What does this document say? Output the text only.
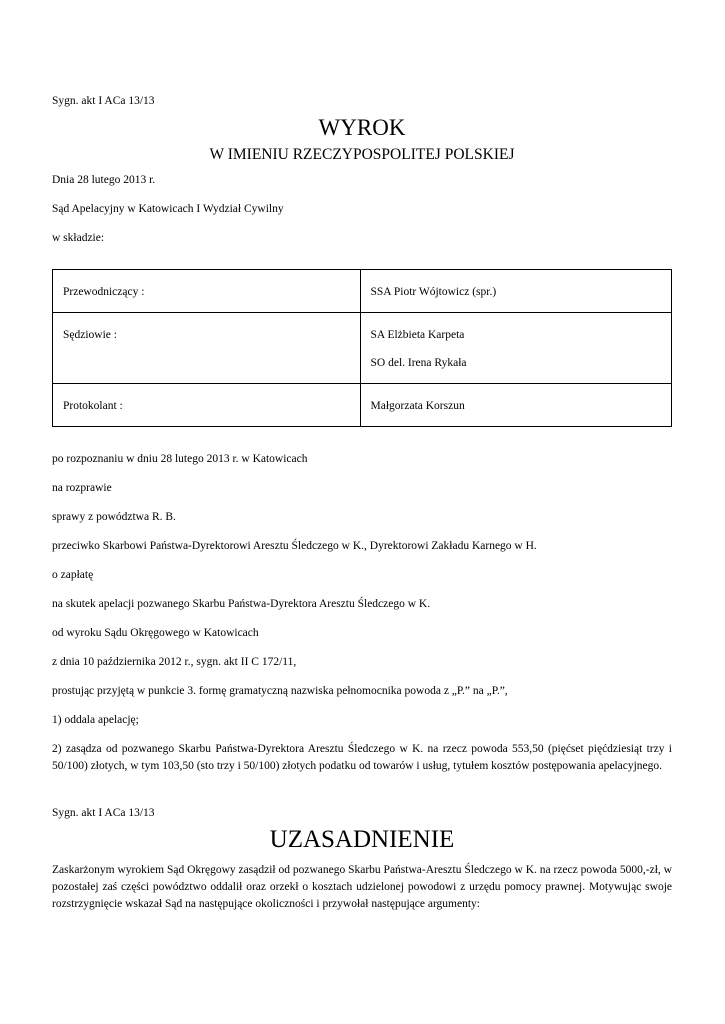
Sygn. akt I ACa 13/13
WYROK
W IMIENIU RZECZYPOSPOLITEJ POLSKIEJ
Dnia 28 lutego 2013 r.
Sąd Apelacyjny w Katowicach I Wydział Cywilny
w składzie:
Przewodniczący :	SSA Piotr Wójtowicz (spr.)

Sędziowie :	SA Elżbieta Karpeta
SO del. Irena Rykała

Protokolant :	Małgorzata Korszun
po rozpoznaniu w dniu 28 lutego 2013 r. w Katowicach
na rozprawie
sprawy z powództwa R. B.
przeciwko Skarbowi Państwa-Dyrektorowi Aresztu Śledczego w K., Dyrektorowi Zakładu Karnego w H.
o zapłatę
na skutek apelacji pozwanego Skarbu Państwa-Dyrektora Aresztu Śledczego w K.
od wyroku Sądu Okręgowego w Katowicach
z dnia 10 października 2012 r., sygn. akt II C 172/11,
prostując przyjętą w punkcie 3. formę gramatyczną nazwiska pełnomocnika powoda z „P.” na „P.”,
1) oddala apelację;
2) zasądza od pozwanego Skarbu Państwa-Dyrektora Aresztu Śledczego w K. na rzecz powoda 553,50 (pięćset pięćdziesiąt trzy i 50/100) złotych, w tym 103,50 (sto trzy i 50/100) złotych podatku od towarów i usług, tytułem kosztów postępowania apelacyjnego.
Sygn. akt I ACa 13/13
UZASADNIENIE
Zaskarżonym wyrokiem Sąd Okręgowy zasądził od pozwanego Skarbu Państwa-Aresztu Śledczego w K. na rzecz powoda 5000,-zł, w pozostałej zaś części powództwo oddalił oraz orzekł o kosztach udzielonej powodowi z urzędu pomocy prawnej. Motywując swoje rozstrzygnięcie wskazał Sąd na następujące okoliczności i przywołał następujące argumenty:
